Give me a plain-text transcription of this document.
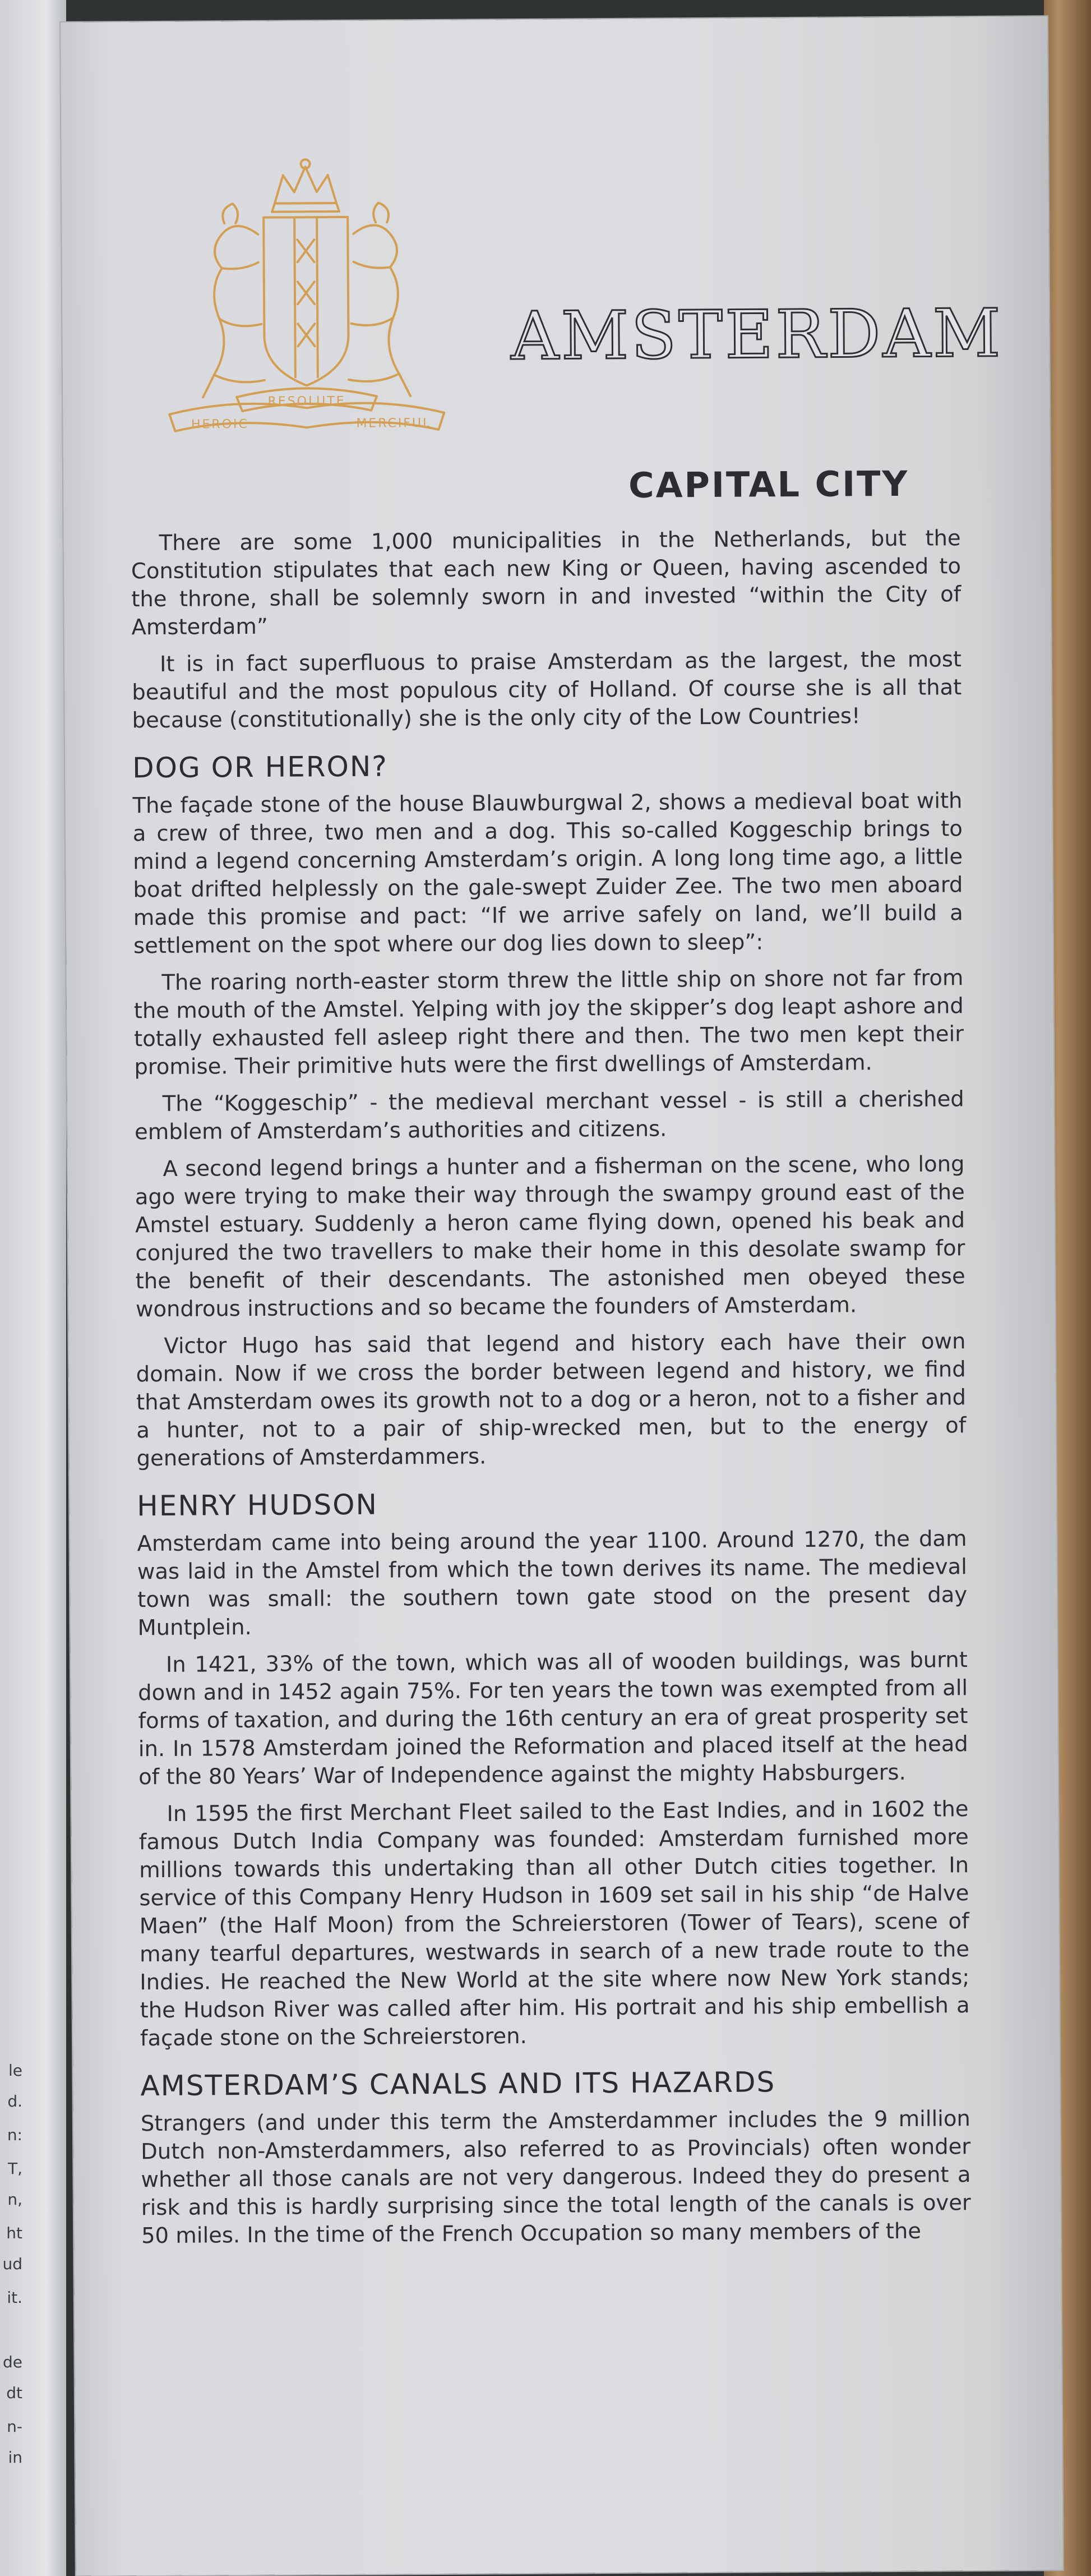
le
d.
n:
T,
n,
ht
ud
it.
de
dt
n-
in
RESOLUTE
HEROIC	MERCIFUL
AMSTERDAM
CAPITAL CITY

There are some 1,000 municipalities in the Netherlands, but the Constitution stipulates that each new King or Queen, having ascended to the throne, shall be solemnly sworn in and invested “within the City of Amsterdam”

It is in fact superfluous to praise Amsterdam as the largest, the most beautiful and the most populous city of Holland. Of course she is all that because (constitutionally) she is the only city of the Low Countries!

DOG OR HERON?

The façade stone of the house Blauwburgwal 2, shows a medieval boat with a crew of three, two men and a dog. This so-called Koggeschip brings to mind a legend concerning Amsterdam’s origin. A long long time ago, a little boat drifted helplessly on the gale-swept Zuider Zee. The two men aboard made this promise and pact: “If we arrive safely on land, we’ll build a settlement on the spot where our dog lies down to sleep”:

The roaring north-easter storm threw the little ship on shore not far from the mouth of the Amstel. Yelping with joy the skipper’s dog leapt ashore and totally exhausted fell asleep right there and then. The two men kept their promise. Their primitive huts were the first dwellings of Amsterdam.

The “Koggeschip” - the medieval merchant vessel - is still a cherished emblem of Amsterdam’s authorities and citizens.

A second legend brings a hunter and a fisherman on the scene, who long ago were trying to make their way through the swampy ground east of the Amstel estuary. Suddenly a heron came flying down, opened his beak and conjured the two travellers to make their home in this desolate swamp for the benefit of their descendants. The astonished men obeyed these wondrous instructions and so became the founders of Amsterdam.

Victor Hugo has said that legend and history each have their own domain. Now if we cross the border between legend and history, we find that Amsterdam owes its growth not to a dog or a heron, not to a fisher and a hunter, not to a pair of ship-wrecked men, but to the energy of generations of Amsterdammers.

HENRY HUDSON

Amsterdam came into being around the year 1100. Around 1270, the dam was laid in the Amstel from which the town derives its name. The medieval town was small: the southern town gate stood on the present day Muntplein.

In 1421, 33% of the town, which was all of wooden buildings, was burnt down and in 1452 again 75%. For ten years the town was exempted from all forms of taxation, and during the 16th century an era of great prosperity set in. In 1578 Amsterdam joined the Reformation and placed itself at the head of the 80 Years’ War of Independence against the mighty Habsburgers.

In 1595 the first Merchant Fleet sailed to the East Indies, and in 1602 the famous Dutch India Company was founded: Amsterdam furnished more millions towards this undertaking than all other Dutch cities together. In service of this Company Henry Hudson in 1609 set sail in his ship “de Halve Maen” (the Half Moon) from the Schreierstoren (Tower of Tears), scene of many tearful departures, westwards in search of a new trade route to the Indies. He reached the New World at the site where now New York stands; the Hudson River was called after him. His portrait and his ship embellish a façade stone on the Schreierstoren.

AMSTERDAM’S CANALS AND ITS HAZARDS

Strangers (and under this term the Amsterdammer includes the 9 million Dutch non-Amsterdammers, also referred to as Provincials) often wonder whether all those canals are not very dangerous. Indeed they do present a risk and this is hardly surprising since the total length of the canals is over 50 miles. In the time of the French Occupation so many members of the
